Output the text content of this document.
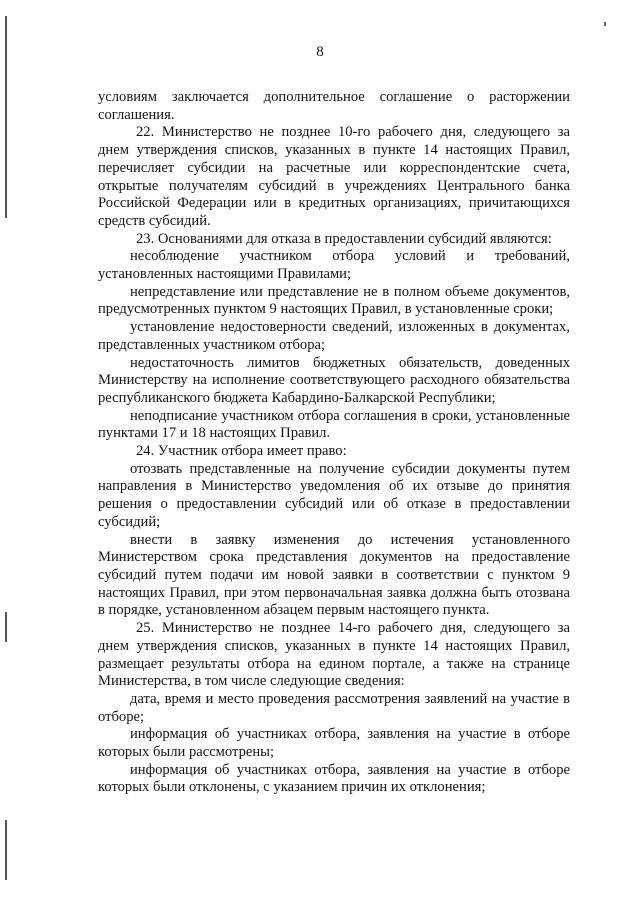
8

условиям заключается дополнительное соглашение о расторжении соглашения.

22. Министерство не позднее 10-го рабочего дня, следующего за днем утверждения списков, указанных в пункте 14 настоящих Правил, перечисляет субсидии на расчетные или корреспондентские счета, открытые получателям субсидий в учреждениях Центрального банка Российской Федерации или в кредитных организациях, причитающихся средств субсидий.

23. Основаниями для отказа в предоставлении субсидий являются:

несоблюдение участником отбора условий и требований, установленных настоящими Правилами;

непредставление или представление не в полном объеме документов, предусмотренных пунктом 9 настоящих Правил, в установленные сроки;

установление недостоверности сведений, изложенных в документах, представленных участником отбора;

недостаточность лимитов бюджетных обязательств, доведенных Министерству на исполнение соответствующего расходного обязательства республиканского бюджета Кабардино-Балкарской Республики;

неподписание участником отбора соглашения в сроки, установленные пунктами 17 и 18 настоящих Правил.

24. Участник отбора имеет право:

отозвать представленные на получение субсидии документы путем направления в Министерство уведомления об их отзыве до принятия решения о предоставлении субсидий или об отказе в предоставлении субсидий;

внести в заявку изменения до истечения установленного Министерством срока представления документов на предоставление субсидий путем подачи им новой заявки в соответствии с пунктом 9 настоящих Правил, при этом первоначальная заявка должна быть отозвана в порядке, установленном абзацем первым настоящего пункта.

25. Министерство не позднее 14-го рабочего дня, следующего за днем утверждения списков, указанных в пункте 14 настоящих Правил, размещает результаты отбора на едином портале, а также на странице Министерства, в том числе следующие сведения:

дата, время и место проведения рассмотрения заявлений на участие в отборе;

информация об участниках отбора, заявления на участие в отборе которых были рассмотрены;

информация об участниках отбора, заявления на участие в отборе которых были отклонены, с указанием причин их отклонения;
